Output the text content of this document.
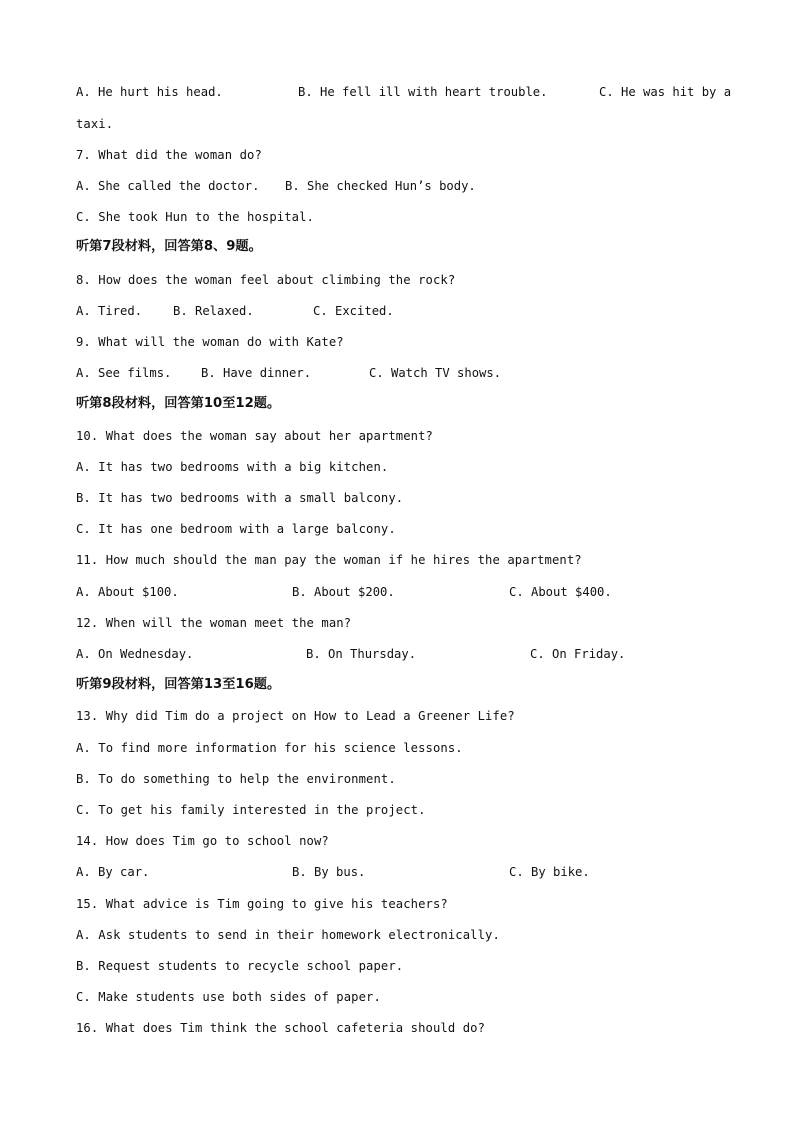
A. He hurt his head.	B. He fell ill with heart trouble.	C. He was hit by a
taxi.
7. What did the woman do?
A. She called the doctor. B. She checked Hun’s body.
C. She took Hun to the hospital.
听第7段材料，回答第8、9题。
8. How does the woman feel about climbing the rock?
A. Tired.	B. Relaxed.	C. Excited.
9. What will the woman do with Kate?
A. See films. B. Have dinner.	C. Watch TV shows.
听第8段材料，回答第10至12题。
10. What does the woman say about her apartment?
A. It has two bedrooms with a big kitchen.
B. It has two bedrooms with a small balcony.
C. It has one bedroom with a large balcony.
11. How much should the man pay the woman if he hires the apartment?
A. About $100.	B. About $200.	C. About $400.
12. When will the woman meet the man?
A. On Wednesday.	B. On Thursday.	C. On Friday.
听第9段材料，回答第13至16题。
13. Why did Tim do a project on How to Lead a Greener Life?
A. To find more information for his science lessons.
B. To do something to help the environment.
C. To get his family interested in the project.
14. How does Tim go to school now?
A. By car.	B. By bus.	C. By bike.
15. What advice is Tim going to give his teachers?
A. Ask students to send in their homework electronically.
B. Request students to recycle school paper.
C. Make students use both sides of paper.
16. What does Tim think the school cafeteria should do?
